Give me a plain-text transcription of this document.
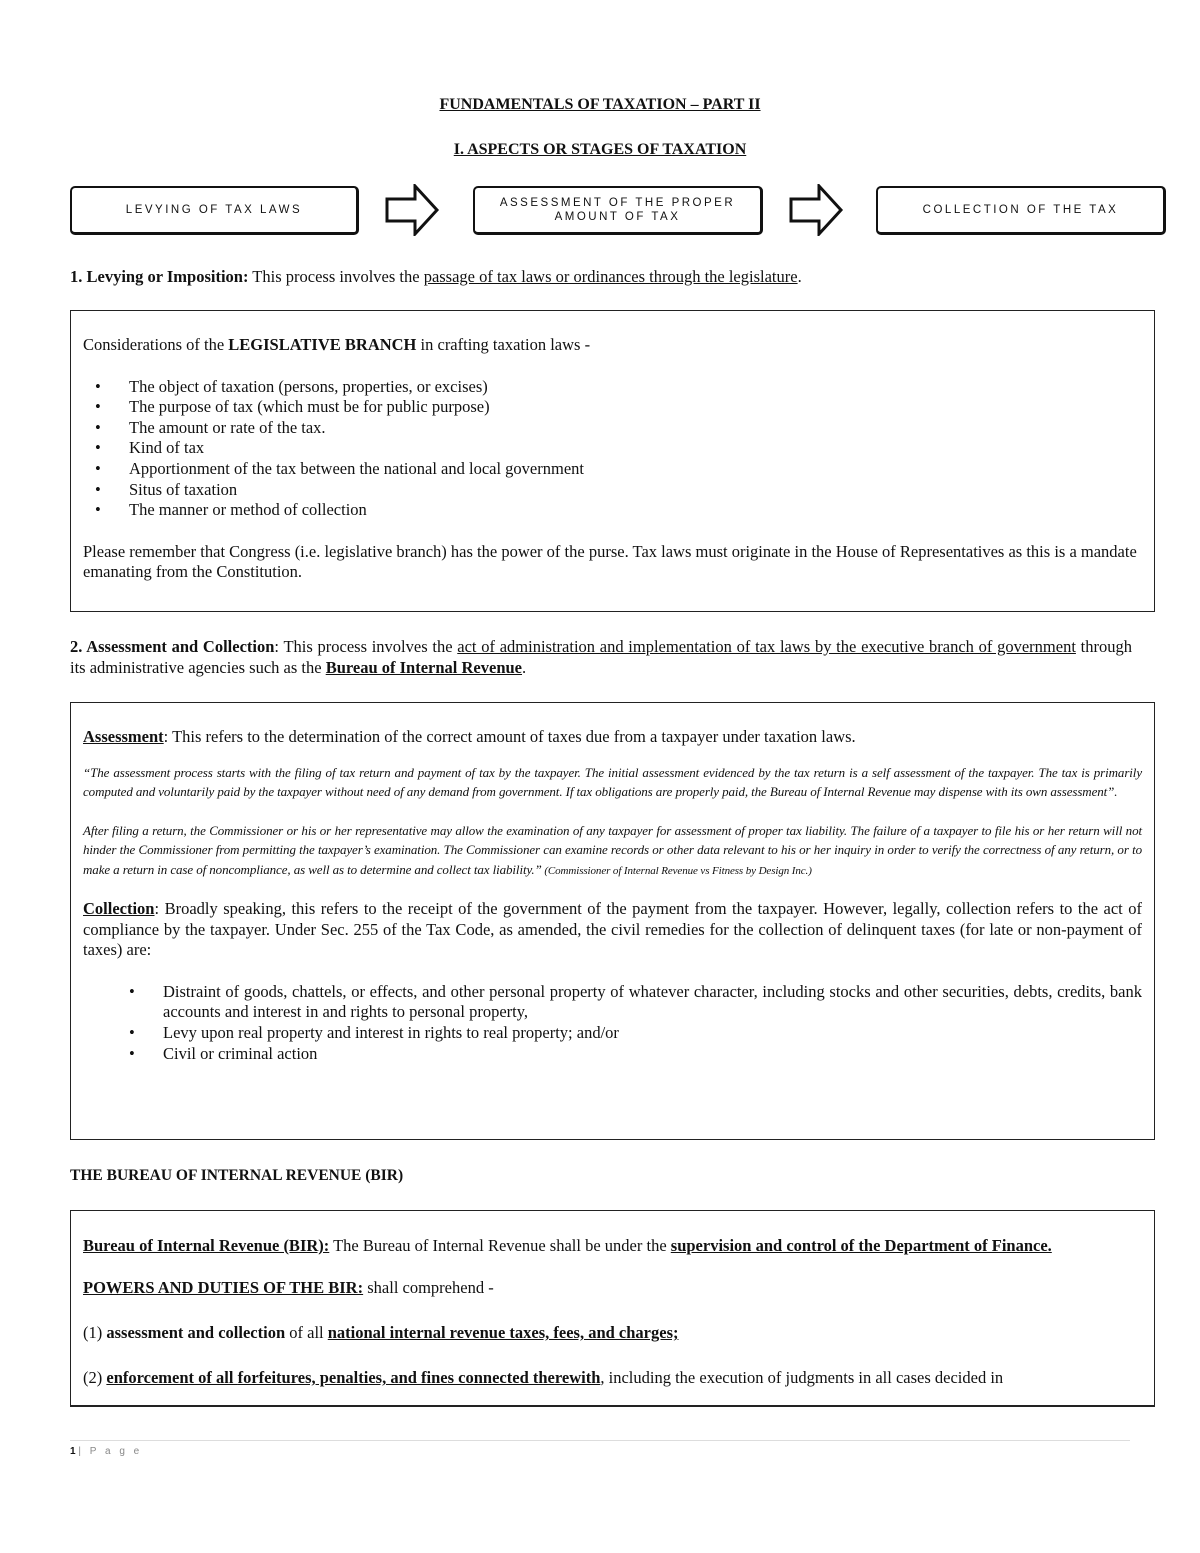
FUNDAMENTALS OF TAXATION – PART II
I. ASPECTS OR STAGES OF TAXATION
LEVYING OF TAX LAWS
ASSESSMENT OF THE PROPER AMOUNT OF TAX
COLLECTION OF THE TAX

1. Levying or Imposition: This process involves the passage of tax laws or ordinances through the legislature.

Considerations of the LEGISLATIVE BRANCH in crafting taxation laws -

• The object of taxation (persons, properties, or excises)
• The purpose of tax (which must be for public purpose)
• The amount or rate of the tax.
• Kind of tax
• Apportionment of the tax between the national and local government
• Situs of taxation
• The manner or method of collection

Please remember that Congress (i.e. legislative branch) has the power of the purse. Tax laws must originate in the House of Representatives as this is a mandate emanating from the Constitution.

2. Assessment and Collection: This process involves the act of administration and implementation of tax laws by the executive branch of government through its administrative agencies such as the Bureau of Internal Revenue.

Assessment: This refers to the determination of the correct amount of taxes due from a taxpayer under taxation laws.

“The assessment process starts with the filing of tax return and payment of tax by the taxpayer. The initial assessment evidenced by the tax return is a self assessment of the taxpayer. The tax is primarily computed and voluntarily paid by the taxpayer without need of any demand from government. If tax obligations are properly paid, the Bureau of Internal Revenue may dispense with its own assessment”.

After filing a return, the Commissioner or his or her representative may allow the examination of any taxpayer for assessment of proper tax liability. The failure of a taxpayer to file his or her return will not hinder the Commissioner from permitting the taxpayer’s examination. The Commissioner can examine records or other data relevant to his or her inquiry in order to verify the correctness of any return, or to make a return in case of noncompliance, as well as to determine and collect tax liability.” (Commissioner of Internal Revenue vs Fitness by Design Inc.)

Collection: Broadly speaking, this refers to the receipt of the government of the payment from the taxpayer. However, legally, collection refers to the act of compliance by the taxpayer. Under Sec. 255 of the Tax Code, as amended, the civil remedies for the collection of delinquent taxes (for late or non-payment of taxes) are:

• Distraint of goods, chattels, or effects, and other personal property of whatever character, including stocks and other securities, debts, credits, bank accounts and interest in and rights to personal property,
• Levy upon real property and interest in rights to real property; and/or
• Civil or criminal action
THE BUREAU OF INTERNAL REVENUE (BIR)

Bureau of Internal Revenue (BIR): The Bureau of Internal Revenue shall be under the supervision and control of the Department of Finance.

POWERS AND DUTIES OF THE BIR: shall comprehend -

(1) assessment and collection of all national internal revenue taxes, fees, and charges;

(2) enforcement of all forfeitures, penalties, and fines connected therewith, including the execution of judgments in all cases decided in

1 | P a g e
